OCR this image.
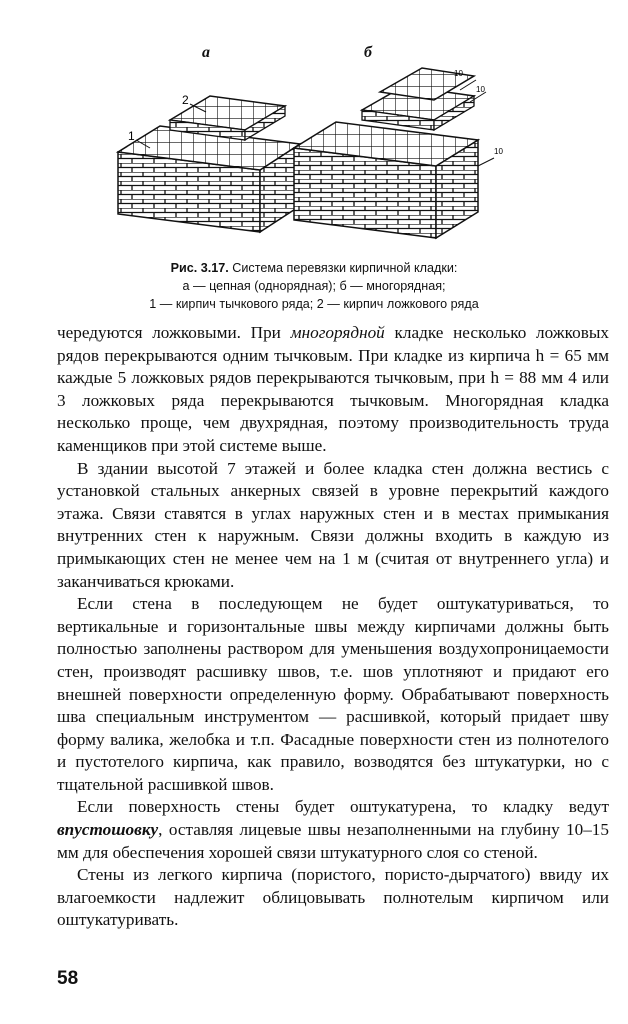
а	б
1
2
10
10
10
Рис. 3.17. Система перевязки кирпичной кладки:
а — цепная (однорядная); б — многорядная;
1 — кирпич тычкового ряда; 2 — кирпич ложкового ряда

чередуются ложковыми. При многорядной кладке несколько ложковых рядов перекрываются одним тычковым. При кладке из кирпича h = 65 мм каждые 5 ложковых рядов перекрываются тычковым, при h = 88 мм 4 или 3 ложковых ряда перекрываются тычковым. Многорядная кладка несколько проще, чем двухрядная, поэтому производительность труда каменщиков при этой системе выше.

В здании высотой 7 этажей и более кладка стен должна вестись с установкой стальных анкерных связей в уровне перекрытий каждого этажа. Связи ставятся в углах наружных стен и в местах примыкания внутренних стен к наружным. Связи должны входить в каждую из примыкающих стен не менее чем на 1 м (считая от внутреннего угла) и заканчиваться крюками.

Если стена в последующем не будет оштукатуриваться, то вертикальные и горизонтальные швы между кирпичами должны быть полностью заполнены раствором для уменьшения воздухопроницаемости стен, производят расшивку швов, т.е. шов уплотняют и придают его внешней поверхности определенную форму. Обрабатывают поверхность шва специальным инструментом — расшивкой, который придает шву форму валика, желобка и т.п. Фасадные поверхности стен из полнотелого и пустотелого кирпича, как правило, возводятся без штукатурки, но с тщательной расшивкой швов.

Если поверхность стены будет оштукатурена, то кладку ведут впустошовку, оставляя лицевые швы незаполненными на глубину 10–15 мм для обеспечения хорошей связи штукатурного слоя со стеной.

Стены из легкого кирпича (пористого, пористо-дырчатого) ввиду их влагоемкости надлежит облицовывать полнотелым кирпичом или оштукатуривать.

58
